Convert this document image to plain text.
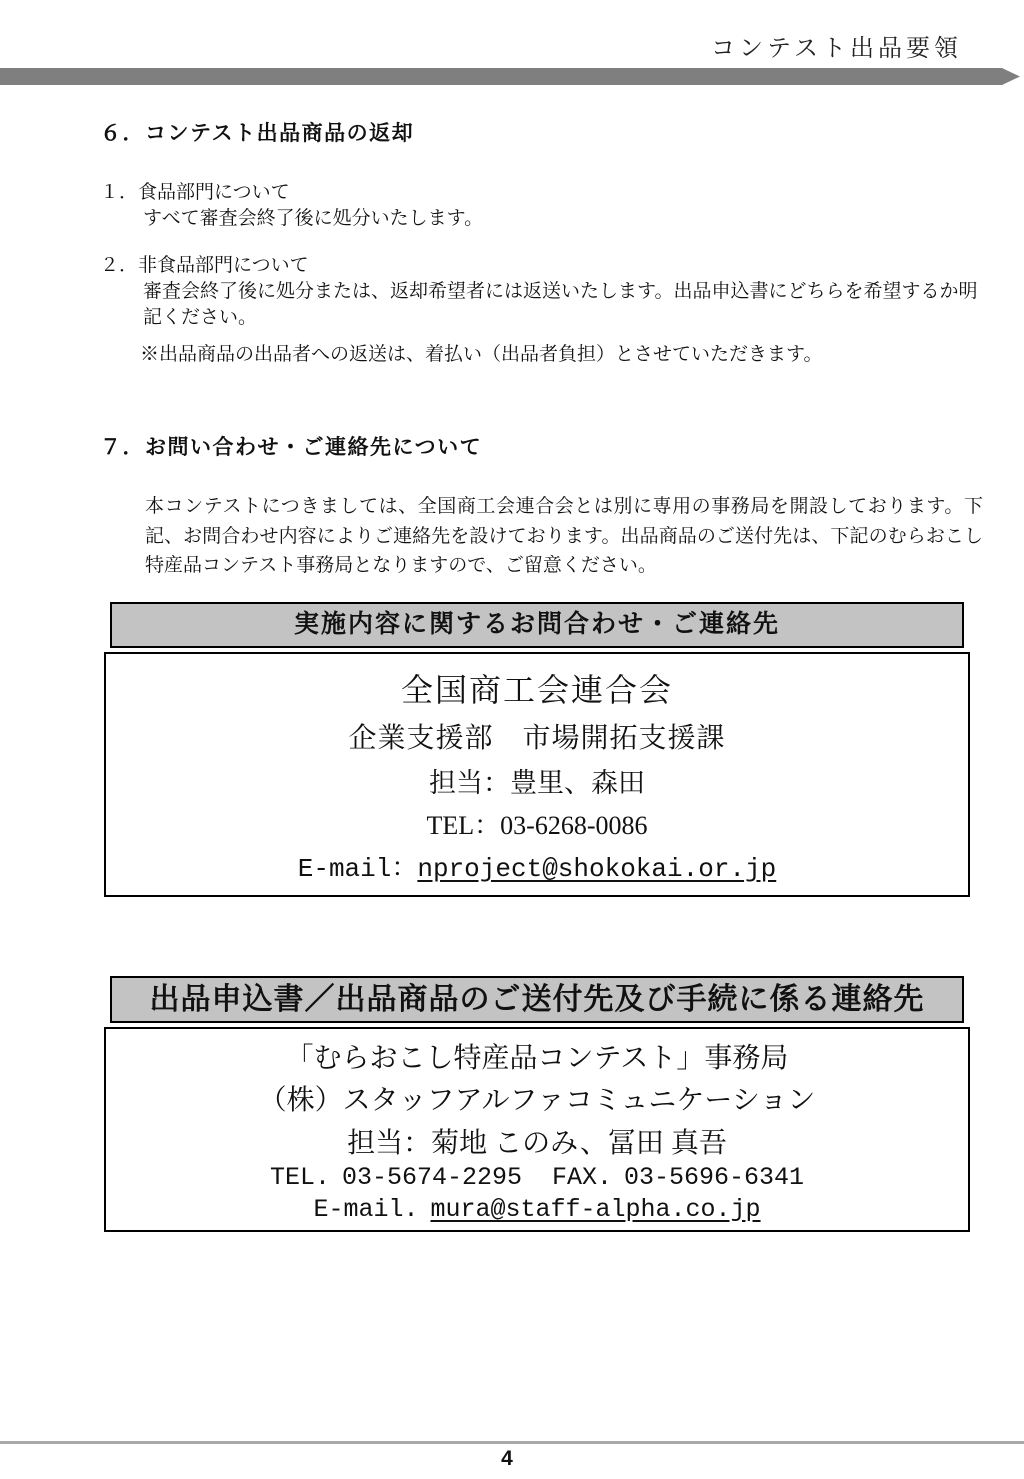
コンテスト出品要領
６．コンテスト出品商品の返却
１．食品部門について
すべて審査会終了後に処分いたします。
２．非食品部門について
審査会終了後に処分または、返却希望者には返送いたします。出品申込書にどちらを希望するか明記ください。
※出品商品の出品者への返送は、着払い（出品者負担）とさせていただきます。
７．お問い合わせ・ご連絡先について
本コンテストにつきましては、全国商工会連合会とは別に専用の事務局を開設しております。下記、お問合わせ内容によりご連絡先を設けております。出品商品のご送付先は、下記のむらおこし特産品コンテスト事務局となりますので、ご留意ください。
実施内容に関するお問合わせ・ご連絡先
全国商工会連合会
企業支援部　市場開拓支援課
担当：豊里、森田
TEL：03-6268-0086
E-mail：nproject@shokokai.or.jp
出品申込書／出品商品のご送付先及び手続に係る連絡先
「むらおこし特産品コンテスト」事務局
（株）スタッフアルファコミュニケーション
担当：菊地 このみ、冨田 真吾
TEL. 03-5674-2295 FAX. 03-5696-6341
E-mail. mura@staff-alpha.co.jp
4
